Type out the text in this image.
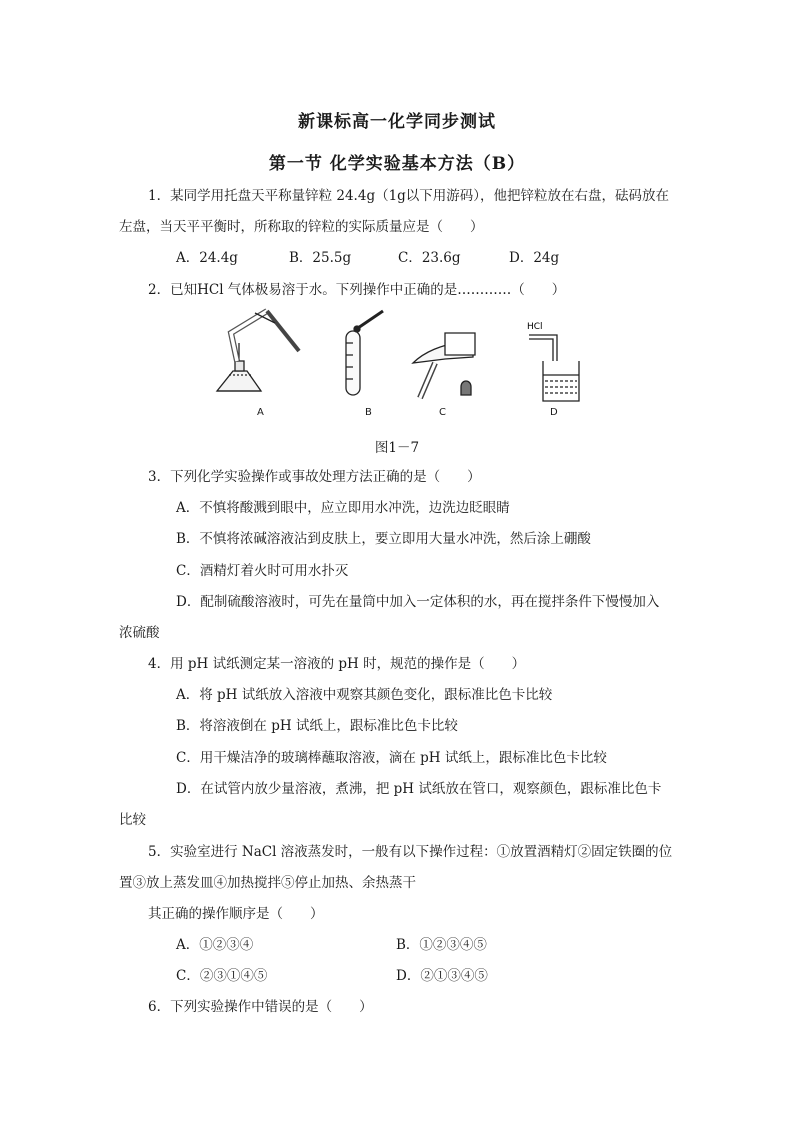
新课标高一化学同步测试
第一节 化学实验基本方法（B）
1．某同学用托盘天平称量锌粒 24.4g（1g以下用游码），他把锌粒放在右盘，砝码放在
左盘，当天平平衡时，所称取的锌粒的实际质量应是（　　）
A．24.4g	B．25.5g	C．23.6g	D．24g
2．已知HCl 气体极易溶于水。下列操作中正确的是…………（　　）
HCl
A	B	C	D
图1－7
3．下列化学实验操作或事故处理方法正确的是（　　）
A．不慎将酸溅到眼中，应立即用水冲洗，边洗边眨眼睛
B．不慎将浓碱溶液沾到皮肤上，要立即用大量水冲洗，然后涂上硼酸
C．酒精灯着火时可用水扑灭
D．配制硫酸溶液时，可先在量筒中加入一定体积的水，再在搅拌条件下慢慢加入
浓硫酸
4．用 pH 试纸测定某一溶液的 pH 时，规范的操作是（　　）
A．将 pH 试纸放入溶液中观察其颜色变化，跟标准比色卡比较
B．将溶液倒在 pH 试纸上，跟标准比色卡比较
C．用干燥洁净的玻璃棒蘸取溶液，滴在 pH 试纸上，跟标准比色卡比较
D．在试管内放少量溶液，煮沸，把 pH 试纸放在管口，观察颜色，跟标准比色卡
比较
5．实验室进行 NaCl 溶液蒸发时，一般有以下操作过程：①放置酒精灯②固定铁圈的位
置③放上蒸发皿④加热搅拌⑤停止加热、余热蒸干
其正确的操作顺序是（　　）
A．①②③④	B．①②③④⑤
C．②③①④⑤	D．②①③④⑤
6．下列实验操作中错误的是（　　）
